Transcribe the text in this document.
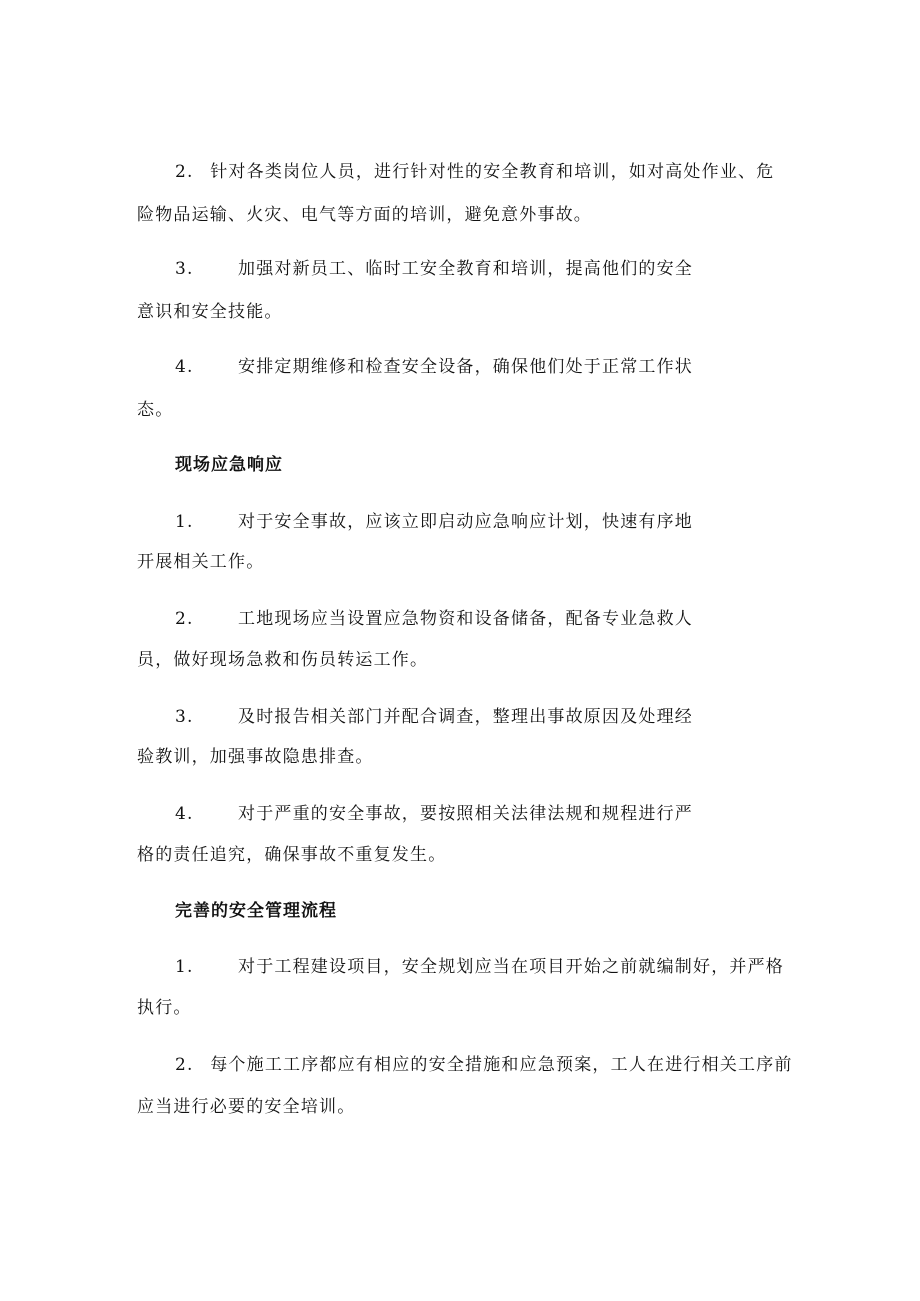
2. 针对各类岗位人员，进行针对性的安全教育和培训，如对高处作业、危
险物品运输、火灾、电气等方面的培训，避免意外事故。
3.	加强对新员工、临时工安全教育和培训，提高他们的安全
意识和安全技能。
4.	安排定期维修和检查安全设备，确保他们处于正常工作状
态。
现场应急响应
1.	对于安全事故，应该立即启动应急响应计划，快速有序地
开展相关工作。
2.	工地现场应当设置应急物资和设备储备，配备专业急救人
员，做好现场急救和伤员转运工作。
3.	及时报告相关部门并配合调查，整理出事故原因及处理经
验教训，加强事故隐患排查。
4.	对于严重的安全事故，要按照相关法律法规和规程进行严
格的责任追究，确保事故不重复发生。
完善的安全管理流程
1.	对于工程建设项目，安全规划应当在项目开始之前就编制好，并严格
执行。
2. 每个施工工序都应有相应的安全措施和应急预案，工人在进行相关工序前
应当进行必要的安全培训。
